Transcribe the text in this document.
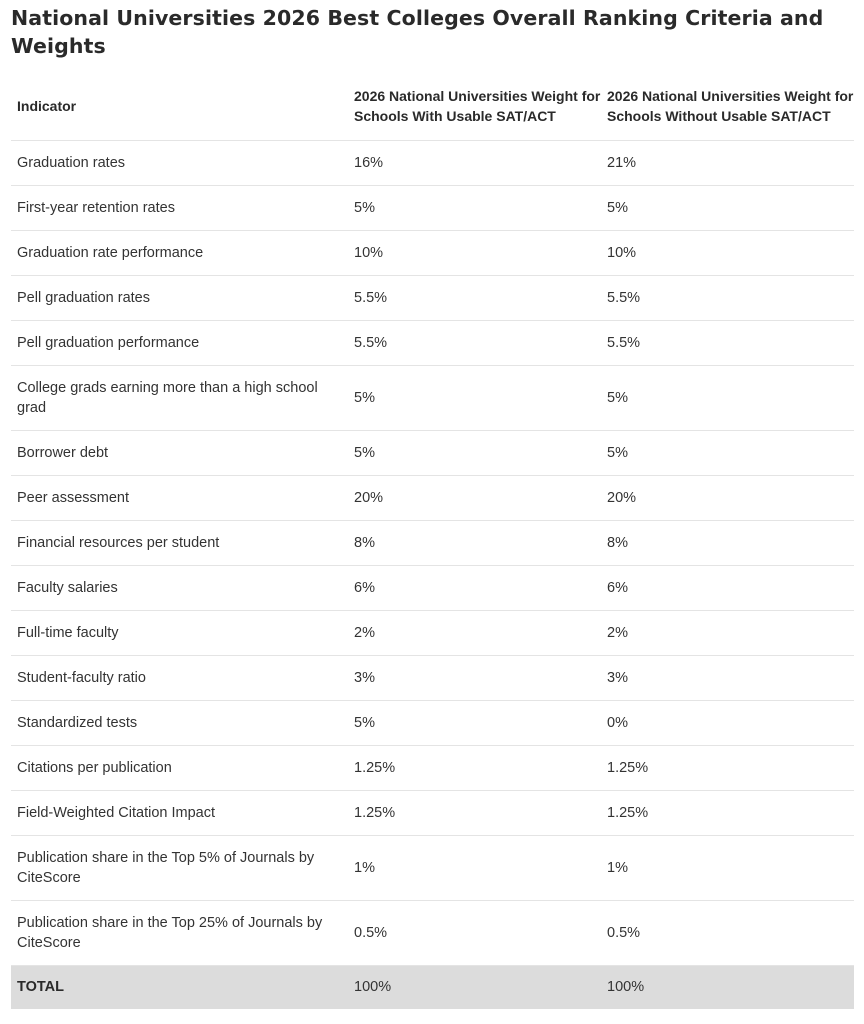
National Universities 2026 Best Colleges Overall Ranking Criteria and Weights
Indicator	2026 National Universities Weight for Schools With Usable SAT/ACT	2026 National Universities Weight for Schools Without Usable SAT/ACT
Graduation rates	16%	21%
First-year retention rates	5%	5%
Graduation rate performance	10%	10%
Pell graduation rates	5.5%	5.5%
Pell graduation performance	5.5%	5.5%
College grads earning more than a high school grad	5%	5%
Borrower debt	5%	5%
Peer assessment	20%	20%
Financial resources per student	8%	8%
Faculty salaries	6%	6%
Full-time faculty	2%	2%
Student-faculty ratio	3%	3%
Standardized tests	5%	0%
Citations per publication	1.25%	1.25%
Field-Weighted Citation Impact	1.25%	1.25%
Publication share in the Top 5% of Journals by CiteScore	1%	1%
Publication share in the Top 25% of Journals by CiteScore	0.5%	0.5%
TOTAL	100%	100%
